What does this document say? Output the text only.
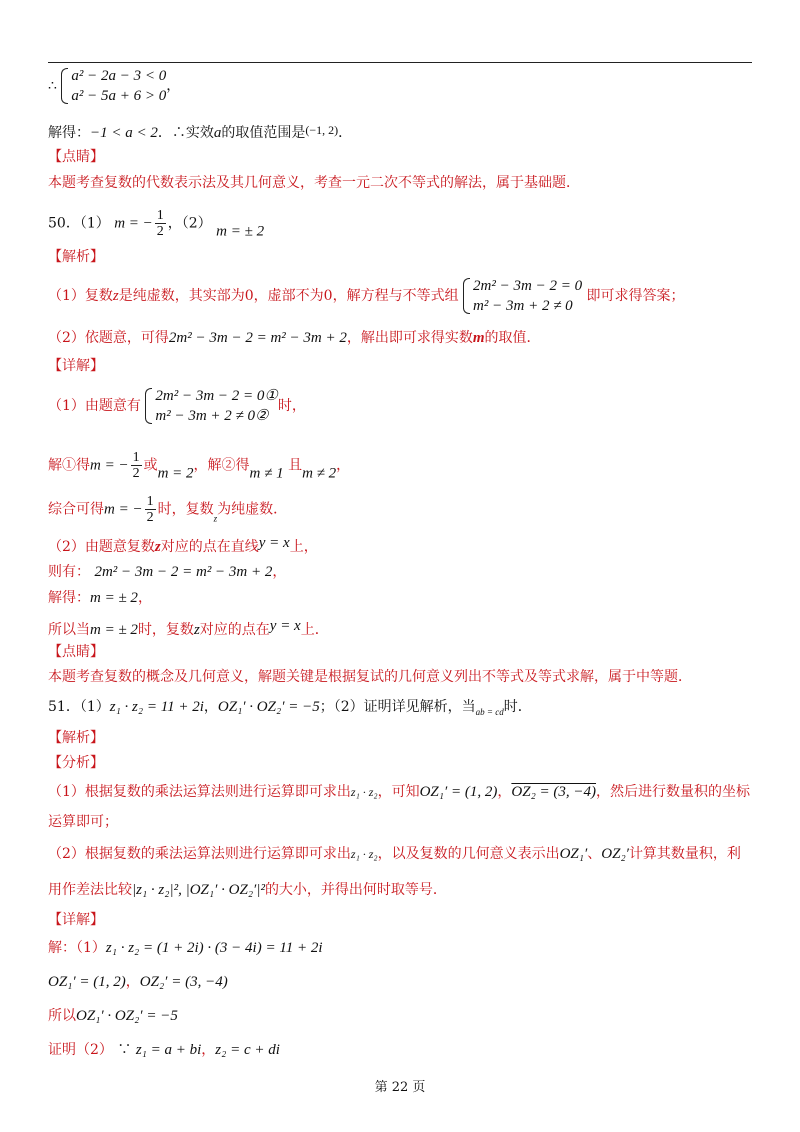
∴
a² − 2a − 3 < 0
a² − 5a + 6 > 0
，
解得：−1 < a < 2．∴实效a的取值范围是(−1, 2)．
【点睛】
本题考查复数的代数表示法及其几何意义，考查一元二次不等式的解法，属于基础题．
50．（1） m = − $\frac{1}{2}$ ，（2） m = ± 2
【解析】
（1）复数z是纯虚数，其实部为0，虚部不为0，解方程与不等式组
2m² − 3m − 2 = 0
m² − 3m + 2 ≠ 0
即可求得答案；
（2）依题意，可得2m² − 3m − 2 = m² − 3m + 2，解出即可求得实数m的取值．
【详解】
（1）由题意有
2m² − 3m − 2 = 0①
m² − 3m + 2 ≠ 0②
时，
解①得m = − $\frac{1}{2}$ 或m = 2，解②得m ≠ 1 且m ≠ 2，
综合可得m = − $\frac{1}{2}$ 时，复数$_z$为纯虚数．
（2）由题意复数z对应的点在直线y = x上，
则有： 2m² − 3m − 2 = m² − 3m + 2，
解得：m = ± 2，
所以当m = ± 2时，复数z对应的点在y = x上．
【点睛】
本题考查复数的概念及几何意义，解题关键是根据复试的几何意义列出不等式及等式求解，属于中等题．
51．（1）z₁ · z₂ = 11 + 2i，OZ₁′ · OZ₂′ = −5；（2）证明详见解析，当$_{ab = cd}$时．
【解析】
【分析】
（1）根据复数的乘法运算法则进行运算即可求出z₁ · z₂，可知OZ₁′ = (1, 2)，OZ₂ = (3, −4)，然后进行数量积的坐标
运算即可；
（2）根据复数的乘法运算法则进行运算即可求出z₁ · z₂，以及复数的几何意义表示出OZ₁′、OZ₂′计算其数量积，利
用作差法比较|z₁ · z₂|², |OZ₁′ · OZ₂′|²的大小，并得出何时取等号．
【详解】
解：（1）z₁ · z₂ = (1 + 2i) · (3 − 4i) = 11 + 2i
OZ₁′ = (1, 2)，OZ₂′ = (3, −4)
所以OZ₁′ · OZ₂′ = −5
证明（2） ∵ z₁ = a + bi，z₂ = c + di
第 22 页
